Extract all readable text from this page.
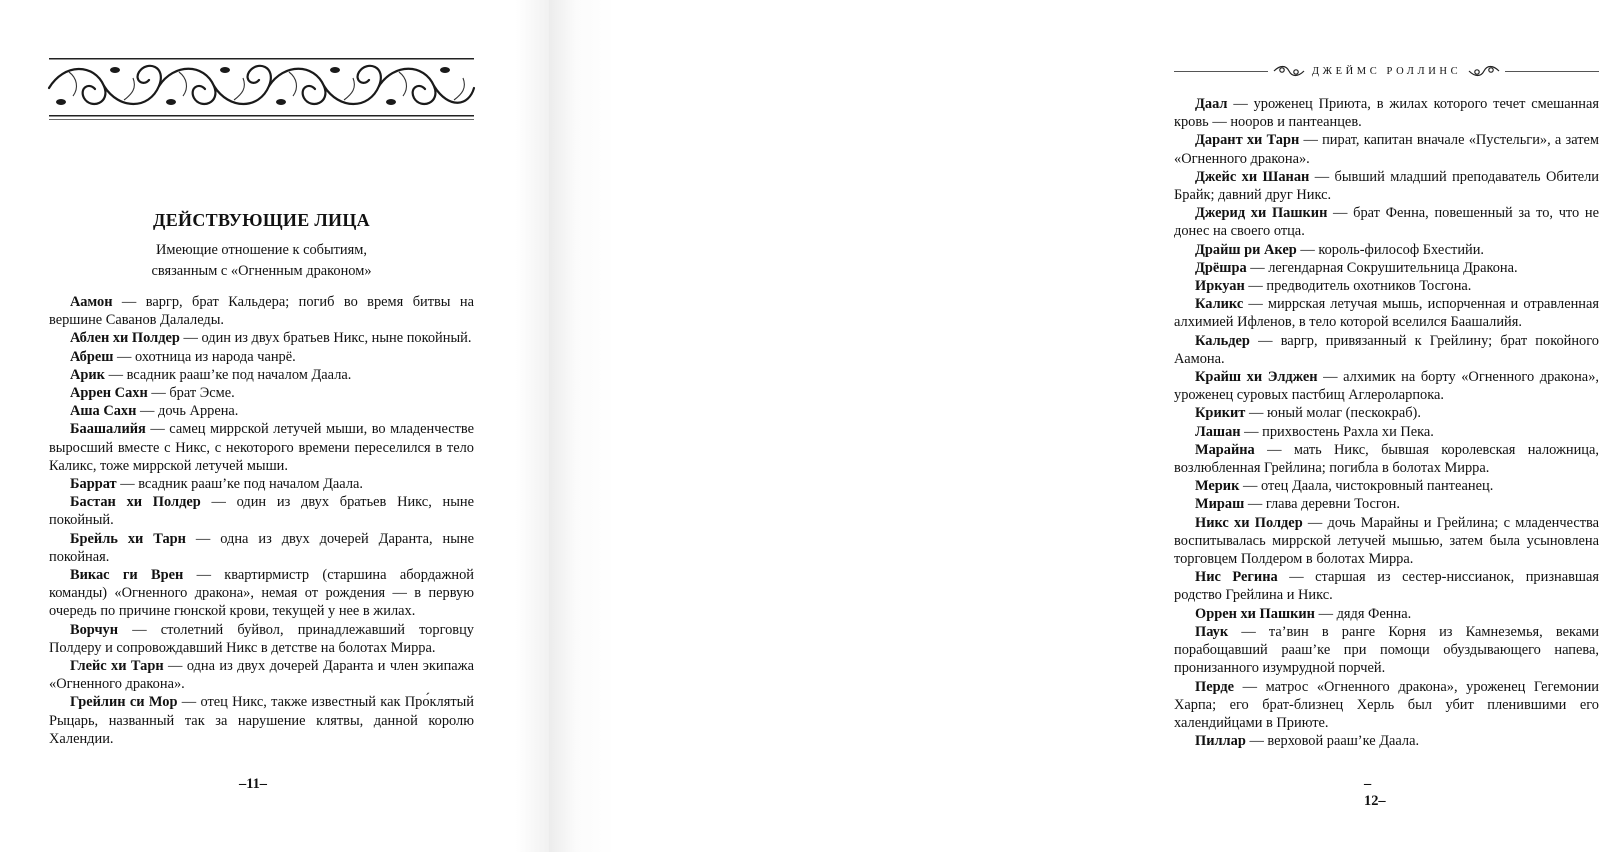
ДЕЙСТВУЮЩИЕ ЛИЦА
Имеющие отношение к событиям,
связанным с «Огненным драконом»

Аамон — варгр, брат Кальдера; погиб во время битвы на вершине Саванов Далаледы.

Аблен хи Полдер — один из двух братьев Никс, ныне покойный.

Абреш — охотница из народа чанрё.

Арик — всадник рааш’ке под началом Даала.

Аррен Сахн — брат Эсме.

Аша Сахн — дочь Аррена.

Баашалийя — самец миррской летучей мыши, во младенчестве выросший вместе с Никс, с некоторого времени переселился в тело Каликс, тоже миррской летучей мыши.

Баррат — всадник рааш’ке под началом Даала.

Бастан хи Полдер — один из двух братьев Никс, ныне покойный.

Брейль хи Тарн — одна из двух дочерей Даранта, ныне покойная.

Викас ги Врен — квартирмистр (старшина абордажной команды) «Огненного дракона», немая от рождения — в первую очередь по причине гюнской крови, текущей у нее в жилах.

Ворчун — столетний буйвол, принадлежавший торговцу Полдеру и сопровождавший Никс в детстве на болотах Мирра.

Глейс хи Тарн — одна из двух дочерей Даранта и член экипажа «Огненного дракона».

Грейлин си Мор — отец Никс, также известный как Про́клятый Рыцарь, названный так за нарушение клятвы, данной королю Халендии.

–11–
ДЖЕЙМС РОЛЛИНС

Даал — уроженец Приюта, в жилах которого течет смешанная кровь — нооров и пантеанцев.

Дарант хи Тарн — пират, капитан вначале «Пустельги», а затем «Огненного дракона».

Джейс хи Шанан — бывший младший преподаватель Обители Брайк; давний друг Никс.

Джерид хи Пашкин — брат Фенна, повешенный за то, что не донес на своего отца.

Драйш ри Акер — король-философ Бхестийи.

Дрёшра — легендарная Сокрушительница Дракона.

Иркуан — предводитель охотников Тосгона.

Каликс — миррская летучая мышь, испорченная и отравленная алхимией Ифленов, в тело которой вселился Баашалийя.

Кальдер — варгр, привязанный к Грейлину; брат покойного Аамона.

Крайш хи Элджен — алхимик на борту «Огненного дракона», уроженец суровых пастбищ Аглероларпока.

Крикит — юный молаг (пескокраб).

Лашан — прихвостень Рахла хи Пека.

Марайна — мать Никс, бывшая королевская наложница, возлюбленная Грейлина; погибла в болотах Мирра.

Мерик — отец Даала, чистокровный пантеанец.

Мираш — глава деревни Тосгон.

Никс хи Полдер — дочь Марайны и Грейлина; с младенчества воспитывалась миррской летучей мышью, затем была усыновлена торговцем Полдером в болотах Мирра.

Нис Регина — старшая из сестер-ниссианок, признавшая родство Грейлина и Никс.

Оррен хи Пашкин — дядя Фенна.

Паук — та’вин в ранге Корня из Камнеземья, веками порабощавший рааш’ке при помощи обуздывающего напева, пронизанного изумрудной порчей.

Перде — матрос «Огненного дракона», уроженец Гегемонии Харпа; его брат-близнец Херль был убит пленившими его халендийцами в Приюте.

Пиллар — верховой рааш’ке Даала.

–12–
